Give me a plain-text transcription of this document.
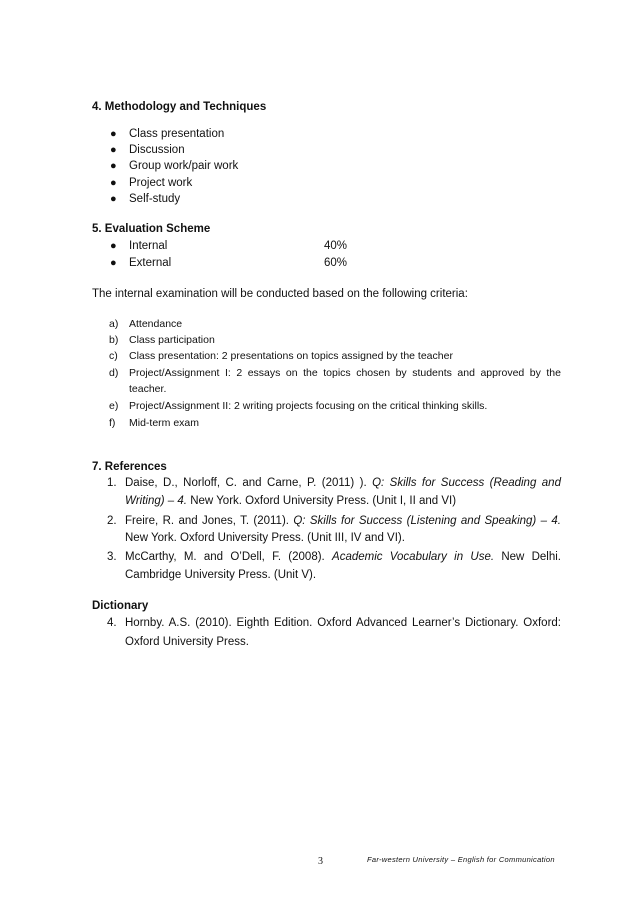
4. Methodology and Techniques
● Class presentation
● Discussion
● Group work/pair work
● Project work
● Self-study
5. Evaluation Scheme
● Internal	40%
● External	60%
The internal examination will be conducted based on the following criteria:
a) Attendance
b) Class participation
c) Class presentation: 2 presentations on topics assigned by the teacher
d) Project/Assignment I: 2 essays on the topics chosen by students and approved by the
teacher.
e) Project/Assignment II: 2 writing projects focusing on the critical thinking skills.
f) Mid-term exam
7. References
1. Daise, D., Norloff, C. and Carne, P. (2011) ). Q: Skills for Success (Reading and
Writing) – 4. New York. Oxford University Press. (Unit I, II and VI)
2. Freire, R. and Jones, T. (2011). Q: Skills for Success (Listening and Speaking) – 4.
New York. Oxford University Press. (Unit III, IV and VI).
3. McCarthy, M. and O’Dell, F. (2008). Academic Vocabulary in Use. New Delhi.
Cambridge University Press. (Unit V).
Dictionary
4. Hornby. A.S. (2010). Eighth Edition. Oxford Advanced Learner’s Dictionary. Oxford:
Oxford University Press.
3	Far-western University – English for Communication
